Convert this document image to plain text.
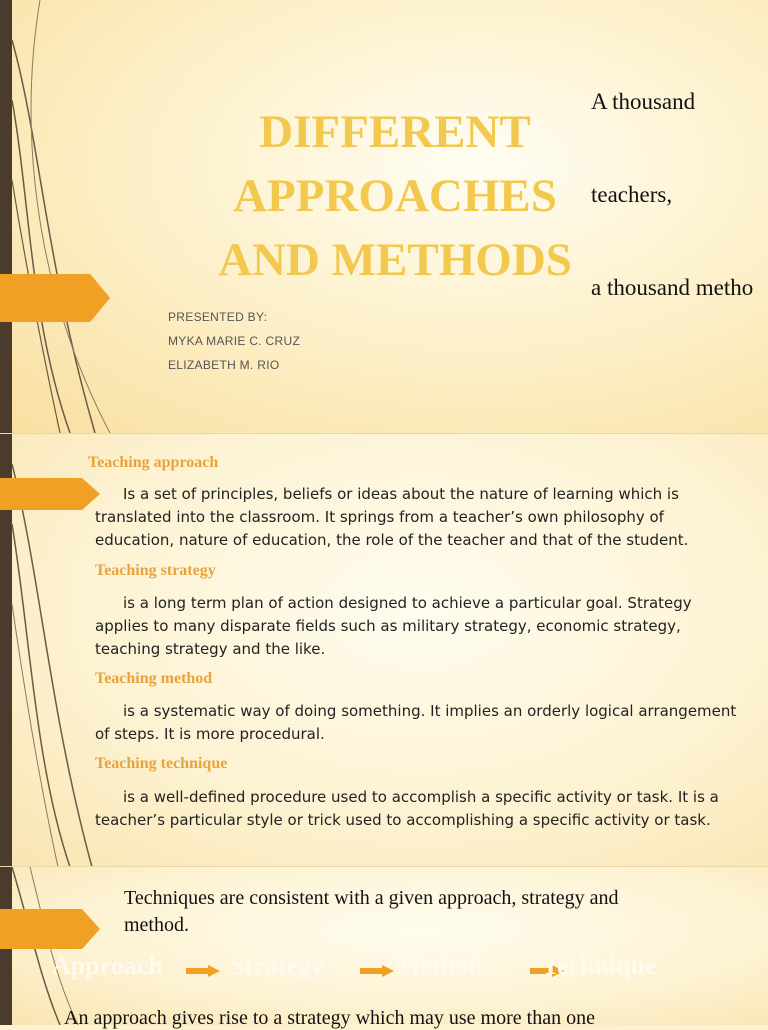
DIFFERENT
APPROACHES
AND METHODS

A thousand

teachers,

a thousand metho

PRESENTED BY:
MYKA MARIE C. CRUZ
ELIZABETH M. RIO
Teaching approach
Is a set of principles, beliefs or ideas about the nature of learning which is translated into the classroom. It springs from a teacher’s own philosophy of education, nature of education, the role of the teacher and that of the student.
Teaching strategy
is a long term plan of action designed to achieve a particular goal. Strategy applies to many disparate fields such as military strategy, economic strategy, teaching strategy and the like.
Teaching method
is a systematic way of doing something. It implies an orderly logical arrangement of steps. It is more procedural.
Teaching technique
is a well-defined procedure used to accomplish a specific activity or task. It is a teacher’s particular style or trick used to accomplishing a specific activity or task.
Techniques are consistent with a given approach, strategy and method.
Approach	Strategy	Method Technique
An approach gives rise to a strategy which may use more than one
